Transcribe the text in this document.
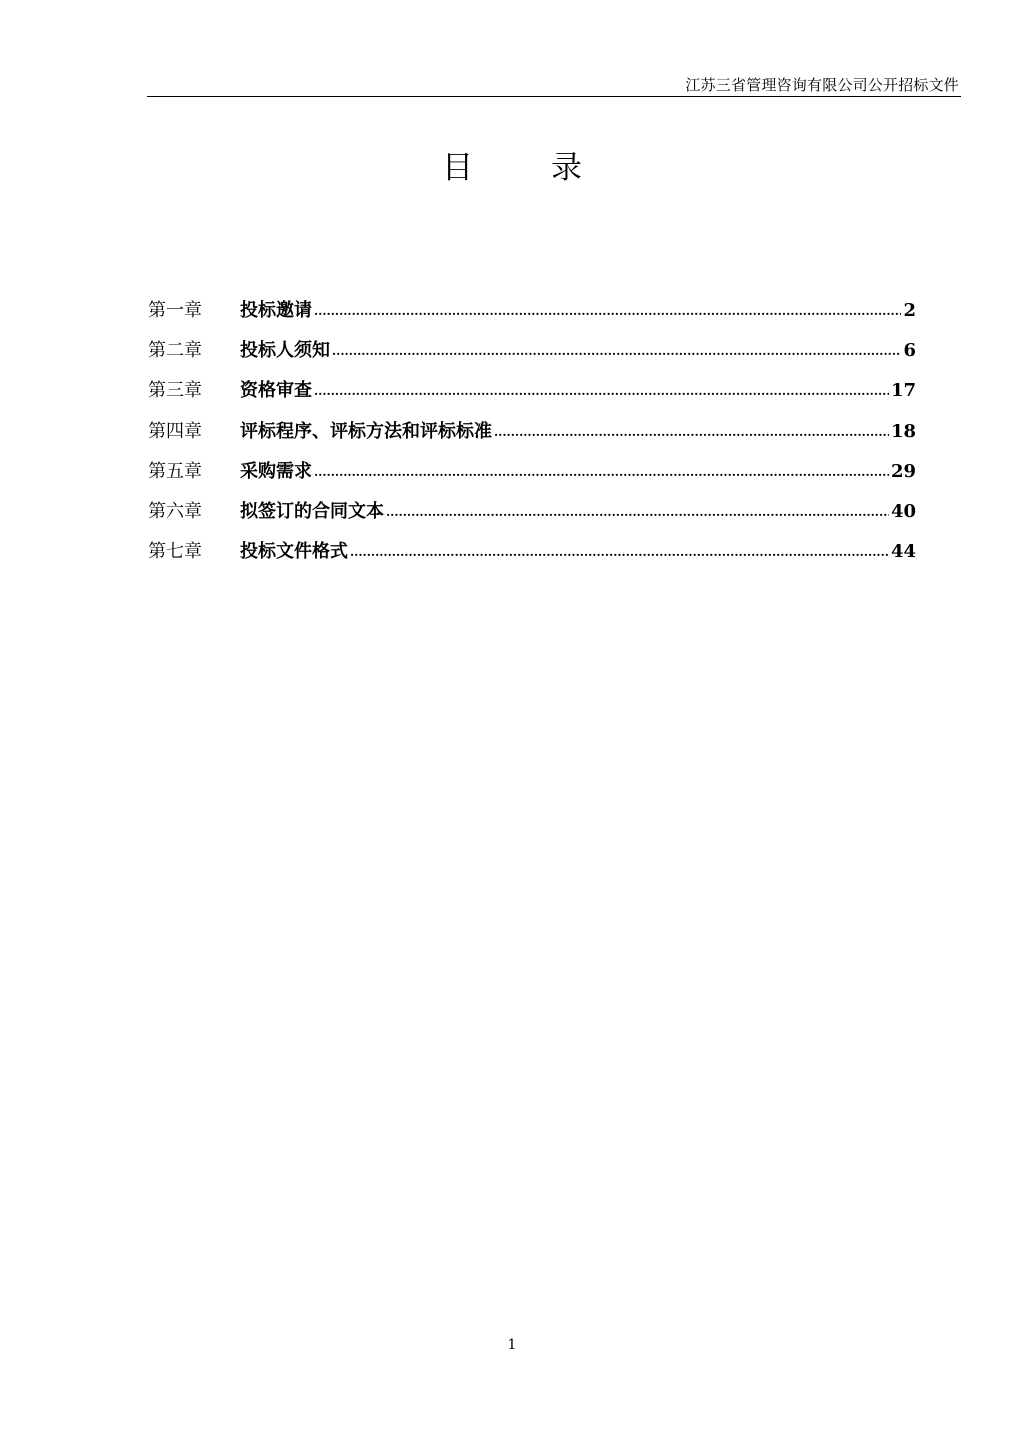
江苏三省管理咨询有限公司公开招标文件
目	录
第一章	投标邀请 .....	2
第二章	投标人须知 .....	6
第三章	资格审查 .....	17
第四章	评标程序、评标方法和评标标准 .....	18
第五章	采购需求 .....	29
第六章	拟签订的合同文本 .....	40
第七章	投标文件格式 .....	44
1
